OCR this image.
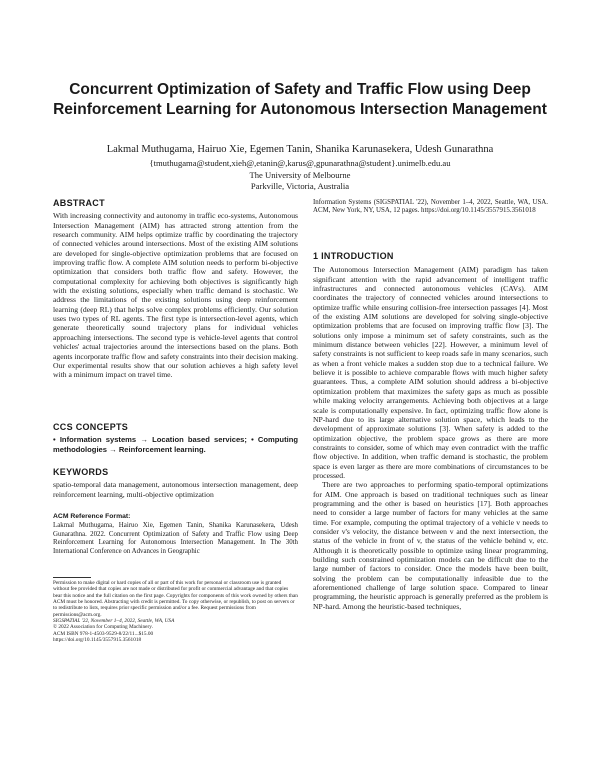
Concurrent Optimization of Safety and Traffic Flow using Deep Reinforcement Learning for Autonomous Intersection Management
Lakmal Muthugama, Hairuo Xie, Egemen Tanin, Shanika Karunasekera, Udesh Gunarathna
{tmuthugama@student,xieh@,etanin@,karus@,gpunarathna@student}.unimelb.edu.au
The University of Melbourne
Parkville, Victoria, Australia
ABSTRACT

With increasing connectivity and autonomy in traffic eco-systems, Autonomous Intersection Management (AIM) has attracted strong attention from the research community. AIM helps optimize traffic by coordinating the trajectory of connected vehicles around intersections. Most of the existing AIM solutions are developed for single-objective optimization problems that are focused on improving traffic flow. A complete AIM solution needs to perform bi-objective optimization that considers both traffic flow and safety. However, the computational complexity for achieving both objectives is significantly high with the existing solutions, especially when traffic demand is stochastic. We address the limitations of the existing solutions using deep reinforcement learning (deep RL) that helps solve complex problems efficiently. Our solution uses two types of RL agents. The first type is intersection-level agents, which generate theoretically sound trajectory plans for individual vehicles approaching intersections. The second type is vehicle-level agents that control vehicles' actual trajectories around the intersections based on the plans. Both agents incorporate traffic flow and safety constraints into their decision making. Our experimental results show that our solution achieves a high safety level with a minimum impact on travel time.

CCS CONCEPTS

• Information systems → Location based services; • Computing methodologies → Reinforcement learning.

KEYWORDS

spatio-temporal data management, autonomous intersection management, deep reinforcement learning, multi-objective optimization

ACM Reference Format:

Lakmal Muthugama, Hairuo Xie, Egemen Tanin, Shanika Karunasekera, Udesh Gunarathna. 2022. Concurrent Optimization of Safety and Traffic Flow using Deep Reinforcement Learning for Autonomous Intersection Management. In The 30th International Conference on Advances in Geographic

Permission to make digital or hard copies of all or part of this work for personal or classroom use is granted without fee provided that copies are not made or distributed for profit or commercial advantage and that copies bear this notice and the full citation on the first page. Copyrights for components of this work owned by others than ACM must be honored. Abstracting with credit is permitted. To copy otherwise, or republish, to post on servers or to redistribute to lists, requires prior specific permission and/or a fee. Request permissions from permissions@acm.org.

SIGSPATIAL '22, November 1–4, 2022, Seattle, WA, USA
© 2022 Association for Computing Machinery.
ACM ISBN 978-1-4503-9529-8/22/11...$15.00
https://doi.org/10.1145/3557915.3561018

Information Systems (SIGSPATIAL '22), November 1–4, 2022, Seattle, WA, USA. ACM, New York, NY, USA, 12 pages. https://doi.org/10.1145/3557915.3561018

1 INTRODUCTION

The Autonomous Intersection Management (AIM) paradigm has taken significant attention with the rapid advancement of intelligent traffic infrastructures and connected autonomous vehicles (CAVs). AIM coordinates the trajectory of connected vehicles around intersections to optimize traffic while ensuring collision-free intersection passages [4]. Most of the existing AIM solutions are developed for solving single-objective optimization problems that are focused on improving traffic flow [3]. The solutions only impose a minimum set of safety constraints, such as the minimum distance between vehicles [22]. However, a minimum level of safety constraints is not sufficient to keep roads safe in many scenarios, such as when a front vehicle makes a sudden stop due to a technical failure. We believe it is possible to achieve comparable flows with much higher safety guarantees. Thus, a complete AIM solution should address a bi-objective optimization problem that maximizes the safety gaps as much as possible while making velocity arrangements. Achieving both objectives at a large scale is computationally expensive. In fact, optimizing traffic flow alone is NP-hard due to its large alternative solution space, which leads to the development of approximate solutions [3]. When safety is added to the optimization objective, the problem space grows as there are more constraints to consider, some of which may even contradict with the traffic flow objective. In addition, when traffic demand is stochastic, the problem space is even larger as there are more combinations of circumstances to be processed.

There are two approaches to performing spatio-temporal optimizations for AIM. One approach is based on traditional techniques such as linear programming and the other is based on heuristics [17]. Both approaches need to consider a large number of factors for many vehicles at the same time. For example, computing the optimal trajectory of a vehicle v needs to consider v's velocity, the distance between v and the next intersection, the status of the vehicle in front of v, the status of the vehicle behind v, etc. Although it is theoretically possible to optimize using linear programming, building such constrained optimization models can be difficult due to the large number of factors to consider. Once the models have been built, solving the problem can be computationally infeasible due to the aforementioned challenge of large solution space. Compared to linear programming, the heuristic approach is generally preferred as the problem is NP-hard. Among the heuristic-based techniques,
